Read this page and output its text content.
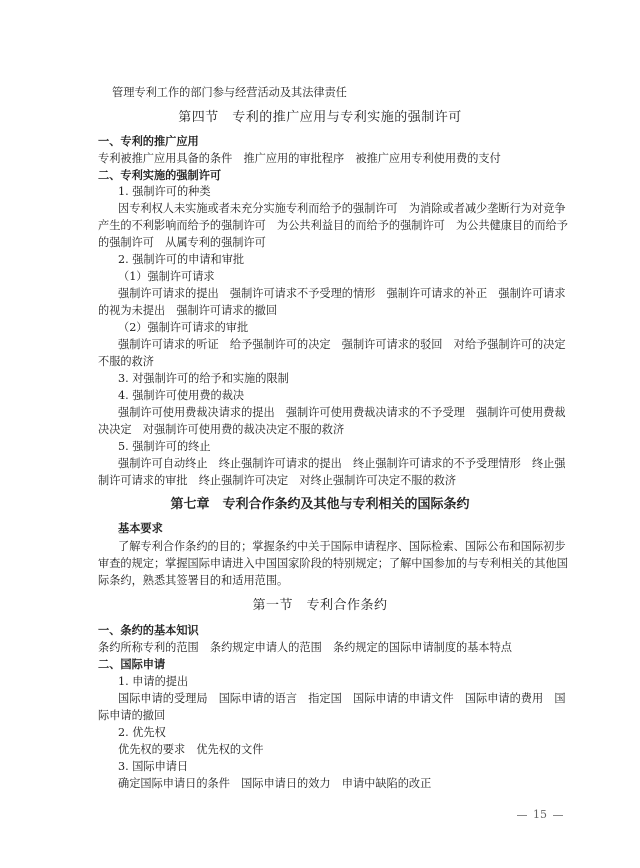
管理专利工作的部门参与经营活动及其法律责任
第四节　专利的推广应用与专利实施的强制许可
一、专利的推广应用
专利被推广应用具备的条件　推广应用的审批程序　被推广应用专利使用费的支付
二、专利实施的强制许可
1. 强制许可的种类
因专利权人未实施或者未充分实施专利而给予的强制许可　为消除或者减少垄断行为对竞争
产生的不利影响而给予的强制许可　为公共利益目的而给予的强制许可　为公共健康目的而给予
的强制许可　从属专利的强制许可
2. 强制许可的申请和审批
（1）强制许可请求
强制许可请求的提出　强制许可请求不予受理的情形　强制许可请求的补正　强制许可请求
的视为未提出　强制许可请求的撤回
（2）强制许可请求的审批
强制许可请求的听证　给予强制许可的决定　强制许可请求的驳回　对给予强制许可的决定
不服的救济
3. 对强制许可的给予和实施的限制
4. 强制许可使用费的裁决
强制许可使用费裁决请求的提出　强制许可使用费裁决请求的不予受理　强制许可使用费裁
决决定　对强制许可使用费的裁决决定不服的救济
5. 强制许可的终止
强制许可自动终止　终止强制许可请求的提出　终止强制许可请求的不予受理情形　终止强
制许可请求的审批　终止强制许可决定　对终止强制许可决定不服的救济
第七章　专利合作条约及其他与专利相关的国际条约
基本要求
了解专利合作条约的目的；掌握条约中关于国际申请程序、国际检索、国际公布和国际初步
审查的规定；掌握国际申请进入中国国家阶段的特别规定；了解中国参加的与专利相关的其他国
际条约，熟悉其签署目的和适用范围。
第一节　专利合作条约
一、条约的基本知识
条约所称专利的范围　条约规定申请人的范围　条约规定的国际申请制度的基本特点
二、国际申请
1. 申请的提出
国际申请的受理局　国际申请的语言　指定国　国际申请的申请文件　国际申请的费用　国
际申请的撤回
2. 优先权
优先权的要求　优先权的文件
3. 国际申请日
确定国际申请日的条件　国际申请日的效力　申请中缺陷的改正
15
